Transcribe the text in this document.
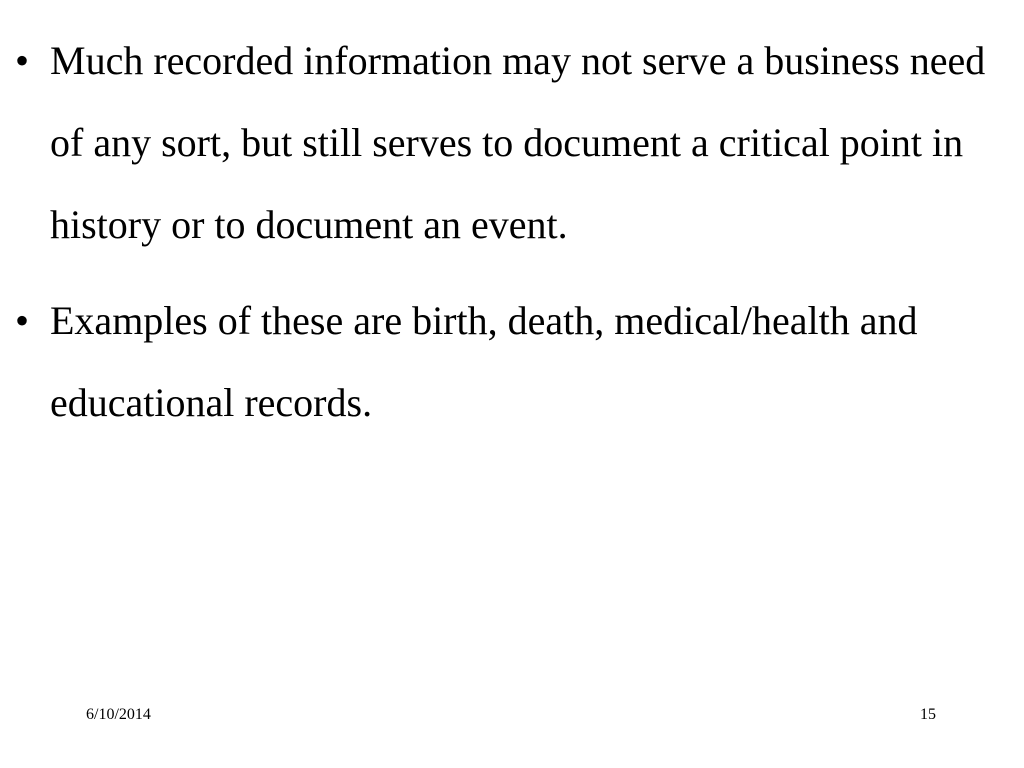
• Much recorded information may not serve a business need of any sort, but still serves to document a critical point in history or to document an event.
• Examples of these are birth, death, medical/health and educational records.
6/10/2014	15
